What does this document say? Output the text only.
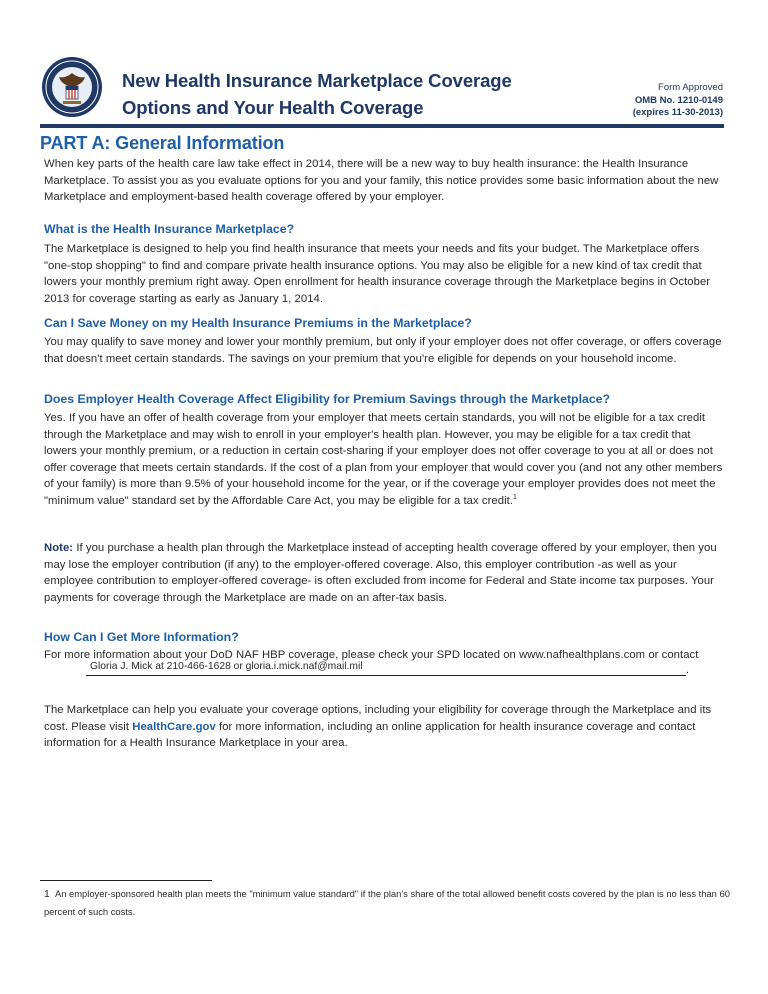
New Health Insurance Marketplace Coverage
Options and Your Health Coverage
Form Approved
OMB No. 1210-0149
(expires 11-30-2013)
PART A: General Information
When key parts of the health care law take effect in 2014, there will be a new way to buy health insurance: the Health Insurance Marketplace. To assist you as you evaluate options for you and your family, this notice provides some basic information about the new Marketplace and employment-based health coverage offered by your employer.
What is the Health Insurance Marketplace?
The Marketplace is designed to help you find health insurance that meets your needs and fits your budget. The Marketplace offers "one-stop shopping" to find and compare private health insurance options. You may also be eligible for a new kind of tax credit that lowers your monthly premium right away. Open enrollment for health insurance coverage through the Marketplace begins in October 2013 for coverage starting as early as January 1, 2014.
Can I Save Money on my Health Insurance Premiums in the Marketplace?
You may qualify to save money and lower your monthly premium, but only if your employer does not offer coverage, or offers coverage that doesn't meet certain standards. The savings on your premium that you're eligible for depends on your household income.
Does Employer Health Coverage Affect Eligibility for Premium Savings through the Marketplace?
Yes. If you have an offer of health coverage from your employer that meets certain standards, you will not be eligible for a tax credit through the Marketplace and may wish to enroll in your employer's health plan. However, you may be eligible for a tax credit that lowers your monthly premium, or a reduction in certain cost-sharing if your employer does not offer coverage to you at all or does not offer coverage that meets certain standards. If the cost of a plan from your employer that would cover you (and not any other members of your family) is more than 9.5% of your household income for the year, or if the coverage your employer provides does not meet the "minimum value" standard set by the Affordable Care Act, you may be eligible for a tax credit.$^1$
Note: If you purchase a health plan through the Marketplace instead of accepting health coverage offered by your employer, then you may lose the employer contribution (if any) to the employer-offered coverage. Also, this employer contribution -as well as your employee contribution to employer-offered coverage- is often excluded from income for Federal and State income tax purposes. Your payments for coverage through the Marketplace are made on an after-tax basis.
How Can I Get More Information?
For more information about your DoD NAF HBP coverage, please check your SPD located on www.nafhealthplans.com or contact
Gloria J. Mick at 210-466-1628 or gloria.i.mick.naf@mail.mil	.
The Marketplace can help you evaluate your coverage options, including your eligibility for coverage through the Marketplace and its cost. Please visit HealthCare.gov for more information, including an online application for health insurance coverage and contact information for a Health Insurance Marketplace in your area.
1 An employer-sponsored health plan meets the "minimum value standard" if the plan's share of the total allowed benefit costs covered by the plan is no less than 60 percent of such costs.
